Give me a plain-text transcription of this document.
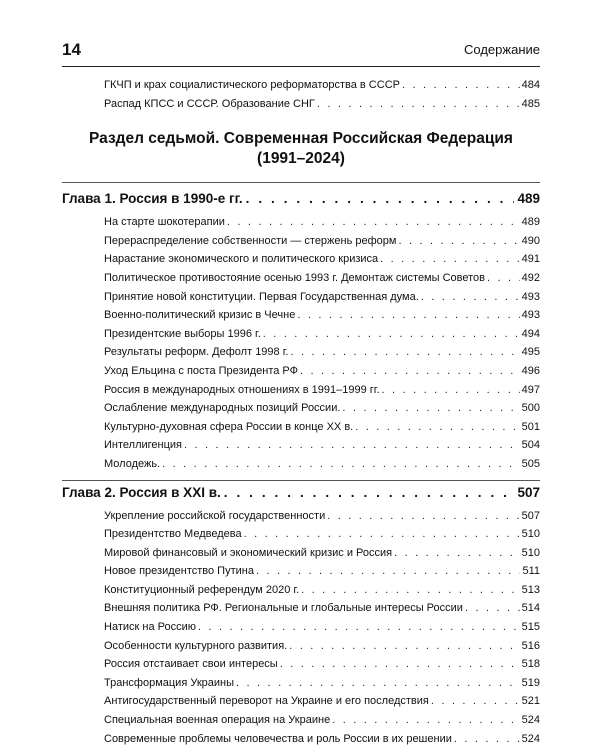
14	Содержание
ГКЧП и крах социалистического реформаторства в СССР . . .	484
Распад КПСС и СССР. Образование СНГ . . .	485
Раздел седьмой. Современная Российская Федерация
(1991–2024)
Глава 1. Россия в 1990-е гг. . . .	489
На старте шокотерапии . . .	489
Перераспределение собственности — стержень реформ . . .	490
Нарастание экономического и политического кризиса . . .	491
Политическое противостояние осенью 1993 г. Демонтаж системы Советов . . .	492
Принятие новой конституции. Первая Государственная дума. . . .	493
Военно-политический кризис в Чечне . . .	493
Президентские выборы 1996 г. . . .	494
Результаты реформ. Дефолт 1998 г. . . .	495
Уход Ельцина с поста Президента РФ . . .	496
Россия в международных отношениях в 1991–1999 гг. . . .	497
Ослабление международных позиций России. . . .	500
Культурно-духовная сфера России в конце ХХ в. . . .	501
Интеллигенция . . .	504
Молодежь. . . .	505
Глава 2. Россия в XXI в. . . .	507
Укрепление российской государственности . . .	507
Президентство Медведева . . .	510
Мировой финансовый и экономический кризис и Россия . . .	510
Новое президентство Путина . . .	511
Конституционный референдум 2020 г. . . .	513
Внешняя политика РФ. Региональные и глобальные интересы России . . .	514
Натиск на Россию . . .	515
Особенности культурного развития. . . .	516
Россия отстаивает свои интересы . . .	518
Трансформация Украины . . .	519
Антигосударственный переворот на Украине и его последствия . . .	521
Специальная военная операция на Украине . . .	524
Современные проблемы человечества и роль России в их решении . . .	524
